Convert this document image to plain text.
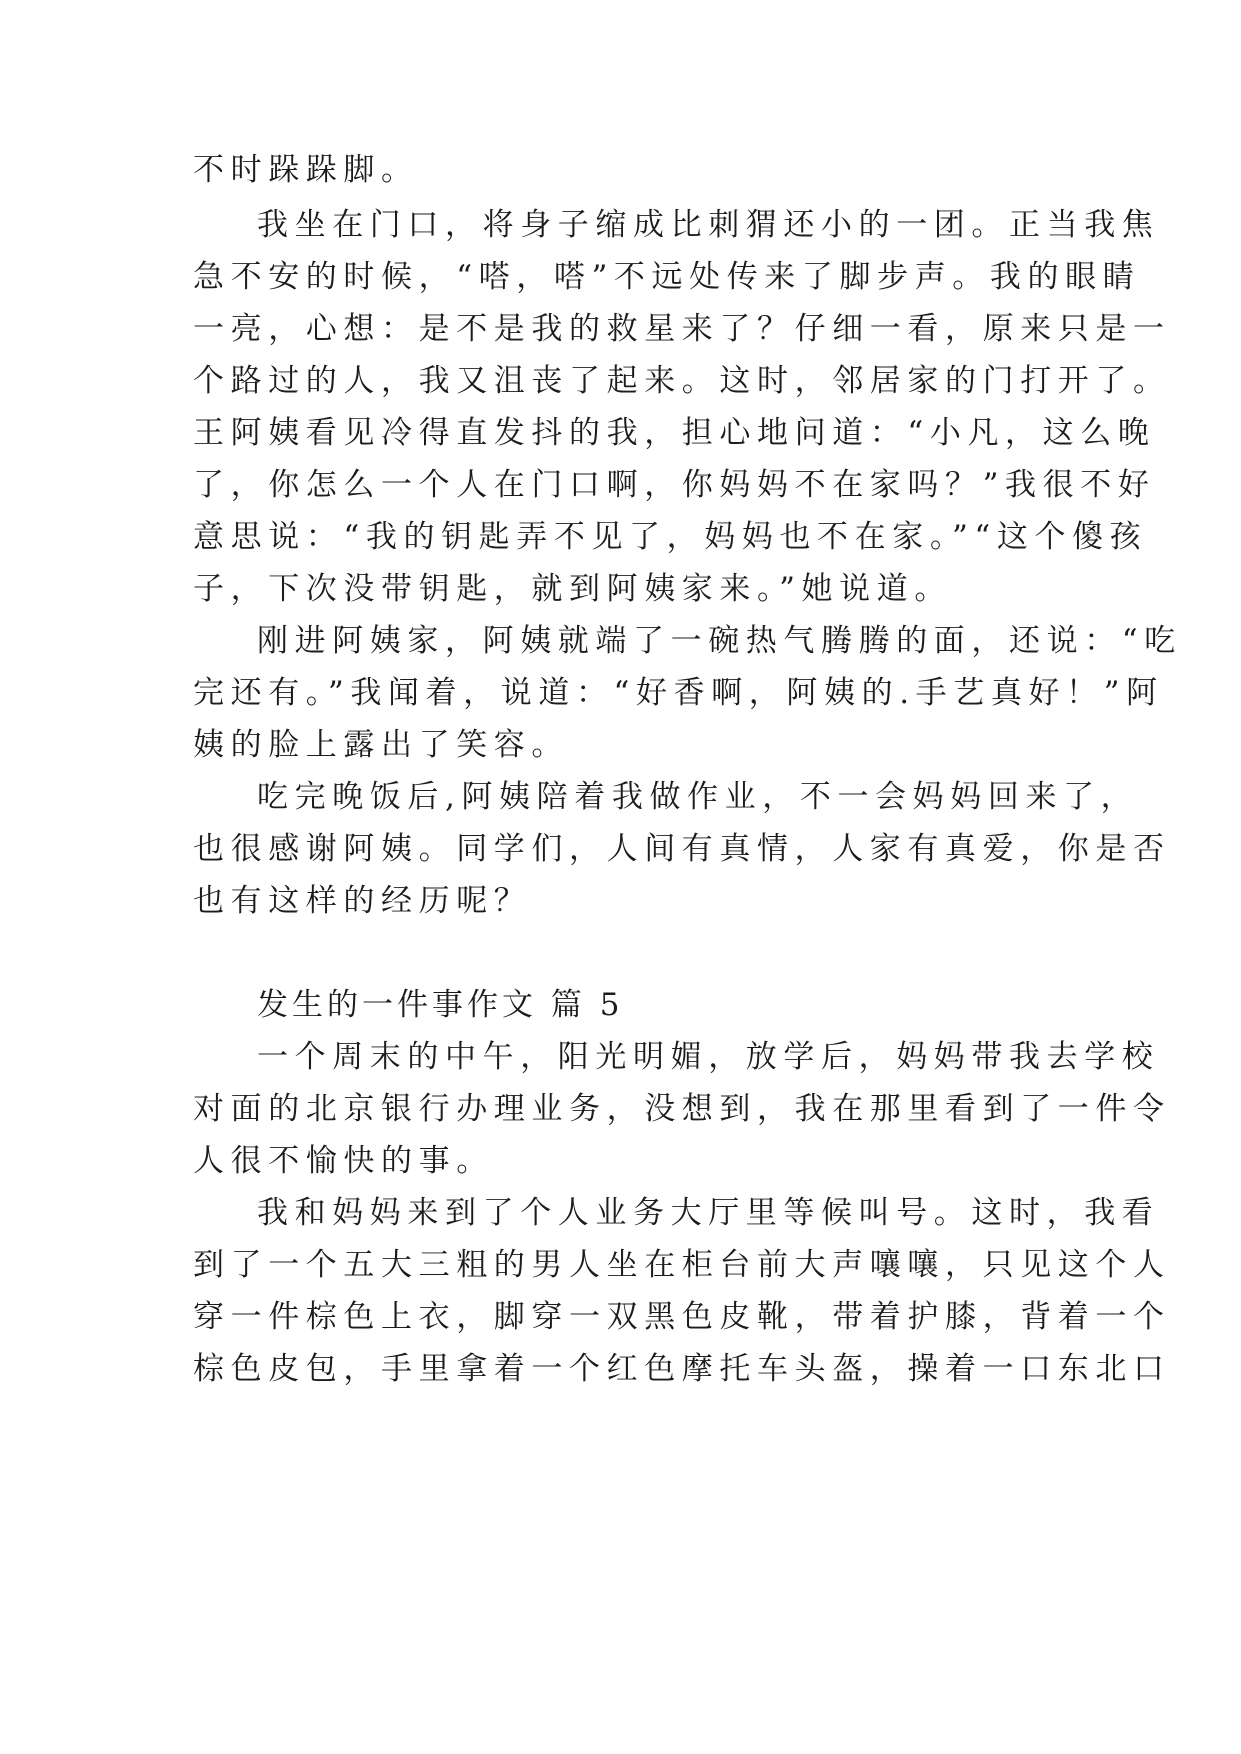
不时跺跺脚。
我坐在门口，将身子缩成比刺猬还小的一团。正当我焦
急不安的时候，“嗒，嗒”不远处传来了脚步声。我的眼睛
一亮，心想：是不是我的救星来了？仔细一看，原来只是一
个路过的人，我又沮丧了起来。这时，邻居家的门打开了。
王阿姨看见冷得直发抖的我，担心地问道：“小凡，这么晚
了，你怎么一个人在门口啊，你妈妈不在家吗？”我很不好
意思说：“我的钥匙弄不见了，妈妈也不在家。”“这个傻孩
子，下次没带钥匙，就到阿姨家来。”她说道。
刚进阿姨家，阿姨就端了一碗热气腾腾的面，还说：“吃
完还有。”我闻着，说道：“好香啊，阿姨的.手艺真好！”阿
姨的脸上露出了笑容。
吃完晚饭后,阿姨陪着我做作业，不一会妈妈回来了，
也很感谢阿姨。同学们，人间有真情，人家有真爱，你是否
也有这样的经历呢？
发生的一件事作文 篇 5
一个周末的中午，阳光明媚，放学后，妈妈带我去学校
对面的北京银行办理业务，没想到，我在那里看到了一件令
人很不愉快的事。
我和妈妈来到了个人业务大厅里等候叫号。这时，我看
到了一个五大三粗的男人坐在柜台前大声嚷嚷，只见这个人
穿一件棕色上衣，脚穿一双黑色皮靴，带着护膝，背着一个
棕色皮包，手里拿着一个红色摩托车头盔，操着一口东北口
